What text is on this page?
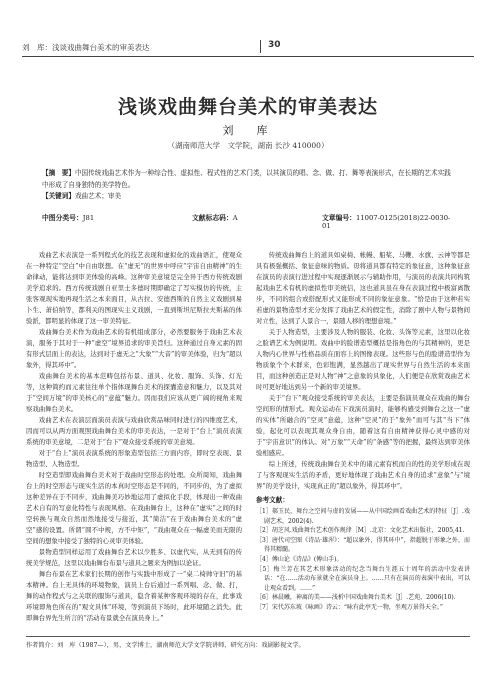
刘　库：浅谈戏曲舞台美术的审美表达	30
浅谈戏曲舞台美术的审美表达
刘　库
（湖南师范大学　文学院，湖南 长沙 410000）
【摘　要】中国传统戏曲艺术作为一种综合性、虚拟性、程式性的艺术门类，以其演员的唱、念、做、打、舞等表演形式，在长期的艺术实践中形成了自身独特的美学特色。
【关键词】戏曲艺术；审美
中图分类号：J81	文献标志码：A	文章编号：11007-0125(2018)22-0030-01

戏曲艺术表演是一系列程式化的技艺表现和虚拟化的戏曲语汇，使观众在一种特定“空白”中自由联想。在“虚无”的世界中呼应“宇宙自由精神”的生命律动，能将达到审美体验的高峰。这种审美意境是完全异于西方传统戏剧美学追求的。西方传统戏剧自亚里士多德时期即确定了写实模仿的传统，主张客观现实地再现生活之本来面目，从古拉、安德西斯的自然主义戏剧到易卜生、萧伯纳等，都利关的图现实主义戏剧，一直到斯坦尼斯拉夫斯基的体验派，都明显的体现了这一审美特征。

戏曲舞台美术作为戏曲艺术的有机组成部分，必然要服务于戏曲艺术表演，服务于其对于一种“虚空”境界追求的审美旨归。这种通过自身元素的固有形式层面上的表达，达到对于虚无之“大象”“大音”的审美体验，归为“超以象外，得其环中”。

戏曲舞台美术的基本范畴包括布景、道具、化妆、服饰、头饰、灯光等，这种简约而元素往往单个指体现舞台美术的探囊造意和魅力，以及其对于“空间万境”的审美核心的“意蕴”魅力。因而我们应该从更广阔的视角来观察戏曲舞台美术。

戏曲艺术在表演层面演员表演与戏曲欣赏品味同时进行的四维度艺术，因而可以从两方面观照戏曲舞台美术的审美表达，一是对于“台上”演员表演系统的审美意境，二是对于“台下”观众接受系统的审美意境。

对于“台上”演员表演系统的形象造型包括三方面内容，即时空表现、景物造型、人物造型。

时空造型即戏曲舞台美术对于戏曲时空形态的处理。众所周知，戏曲舞台上的时空形态与现实生活的本真时空形态是不同的，不同步的，为了虚拟这种差异在于不同步，戏曲舞美巧妙地运用了虚拟化手段，体现出一种戏曲艺术自有的写意化特性与表现风格。在戏曲舞台上，这种在“虚实”之间的时空转换与观众自然而然地接受与接近，其“简洁”在于戏曲舞台美术的“虚空”感的设置。所谓“圆不中规，方不中矩”，“戏曲观众在一幅虚美而无限的空间的想象中接受了独特的心灵审美体验。

景物造型同样运用了戏曲舞台艺术以少胜多、以虚代实，从无到有的传统美学规范，这里以戏曲舞台布景与道具之题来为例加以论证。

舞台布景在艺术家们长期的创作与实践中形成了一“桌二椅帅守旧”的基本精神。台上无具体的环境物象，演员上台后通过一系列唱、念、做、打，舞的动作程式与之关联的服饰与道具，隐含着某种客观环境的存在，此事戏环境即角色所在的“观文具体”环境，等到演员下场时，此环境随之消失。此即舞台界先生所言的“活动布景就全在演员身上。”

传统戏曲舞台上的道具如桌椅、帐幔、船桨、马鞭、水旗、云神等都是具有极强概括、象征意味的物质。毋将道具都有特定的象征意，这种象征意在演员的表演行进过程中实现逐渐展示与辅助作用，与演员的表演共同构筑起戏曲艺术有机的虚拟性审美统信，这也道具虽在身在表演过程中极富离散步，不同的组合或搭配形式又能形成不同的象征意象。“恰是由于这种若实若虚的景物造型才充分发挥了戏曲艺术的假定性，消除了剧中人物与景物间对立性，达到了人景合一，景随人移的理想意境。”

关于人物造型，主要涉及人物的服装、化妆、头饰等元素，这里以化妆之脸谱艺术为例说明。戏曲中的脸谱造型概括是指角色的与其精神的，更是人物内心世界与性格品质在面容上的图像表现。这些形与色的脸谱造型作为物质象个个术群来，色彩饱满，显然越出了现实世界与自然生活的本来面目，而这种创造正是对人物“神”之意象的具象化，人们便是在欣赏戏曲艺术时可更好地达到另一个新的审美境界。

关于“台下”观众接受系统的审美表达，主要是指演员观众在戏曲的舞台空间形的情形式。观众运动在下戏演员演时，能够构感受到舞台之这一“虚的实体”所融合的“空灵”意蕴，这种“空灵”的于“象外”而可与其“当下”体验，起化可以表现其观众身自由，随着这有自由精神获得心灵中感的对于“宇宙意识”的体认。对“万象”“天命”的“条感”等的把握，最终达到审美体验相感应。

综上所述，传统戏曲舞台美术中的诸元素有机而自的性的美学形成在现了与客观现实生活的矛盾，更好地体现了戏曲艺术自身的追求“意象”与“境界”的美学设计，实现真正的“超以象外，得其环中”。

参考文献：
［1］郝玉民，舞台之空间与虚的发展——从中国绘画看戏曲艺术的特征［J］.戏剧艺术，2002(4).
［2］胡芝风.戏曲舞台艺术创作规律［M］.北京：文化艺术出版社，2005,41.
［3］唐代司空图《诗品·雄浑》：“超以象外，得其环中”，指超脱于形象之外，而得其精髓。
［4］傅山论《诗品》(傅山手)。
［5］梅兰芳在其艺术形象活动的纪念当舞台生涯五十周年的活动中发表讲话：“在……活动布景就全在演员身上。……只有在演员的表演中表出，可以让观众看到。……”
［6］林晨曦，神离的美——浅析中国戏曲舞台美术［J］.艺苑，2006(10).
［7］宋代苏东坡《咏画》诗云：“咏有此亭无一物，坐观万景得天全。”
作者简介：刘　库（1987—），男，文学博士，湖南师范大学文学院讲师，研究方向：戏剧影视文学。
